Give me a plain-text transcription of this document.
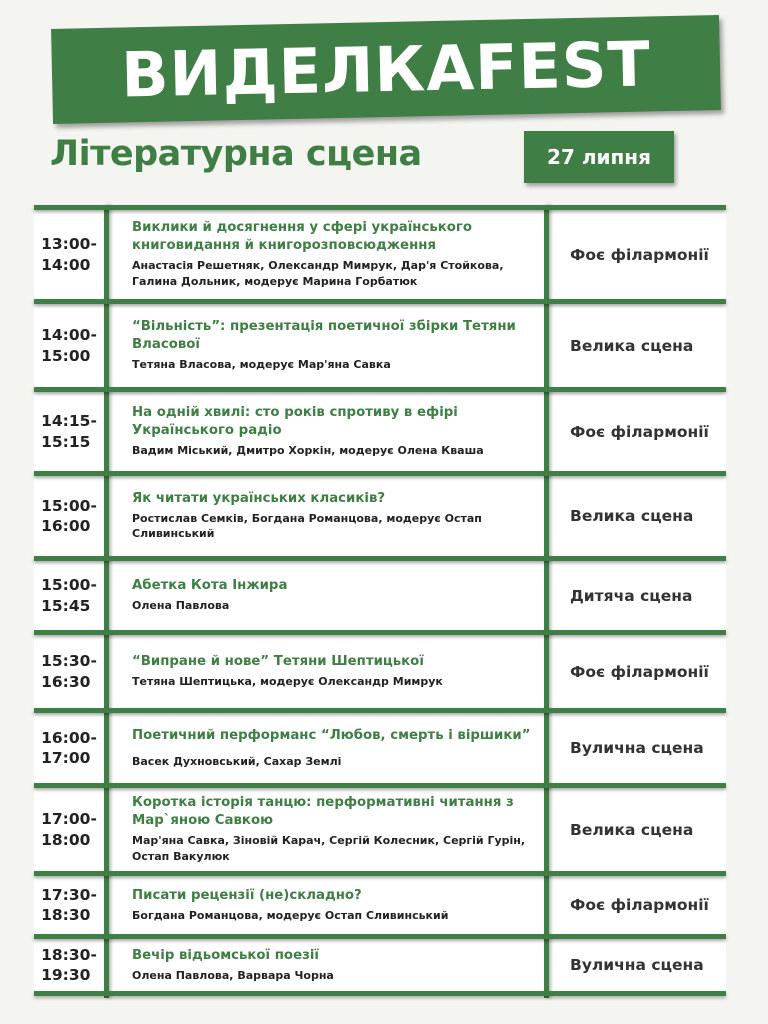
ВИДЕЛКАFEST
Літературна сцена	27 липня
13:00-
14:00
Виклики й досягнення у сфері українського книговидання й книгорозповсюдження
Анастасія Решетняк, Олександр Мимрук, Дар'я Стойкова, Галина Дольник, модерує Марина Горбатюк
Фоє філармонії
14:00-
15:00
“Вільність”: презентація поетичної збірки Тетяни Власової
Тетяна Власова, модерує Мар'яна Савка
Велика сцена
14:15-
15:15
На одній хвилі: сто років спротиву в ефірі Українського радіо
Вадим Міський, Дмитро Хоркін, модерує Олена Кваша
Фоє філармонії
15:00-
16:00
Як читати українських класиків?
Ростислав Семків, Богдана Романцова, модерує Остап Сливинський
Велика сцена
15:00-
15:45
Абетка Кота Інжира
Олена Павлова
Дитяча сцена
15:30-
16:30
“Випране й нове” Тетяни Шептицької
Тетяна Шептицька, модерує Олександр Мимрук
Фоє філармонії
16:00-
17:00
Поетичний перформанс “Любов, смерть і віршики”
Васек Духновський, Сахар Землі
Вулична сцена
17:00-
18:00
Коротка історія танцю: перформативні читання з Мар`яною Савкою
Мар'яна Савка, Зіновій Карач, Сергій Колесник, Сергій Гурін, Остап Вакулюк
Велика сцена
17:30-
18:30
Писати рецензії (не)складно?
Богдана Романцова, модерує Остап Сливинський
Фоє філармонії
18:30-
19:30
Вечір відьомської поезії
Олена Павлова, Варвара Чорна
Вулична сцена
